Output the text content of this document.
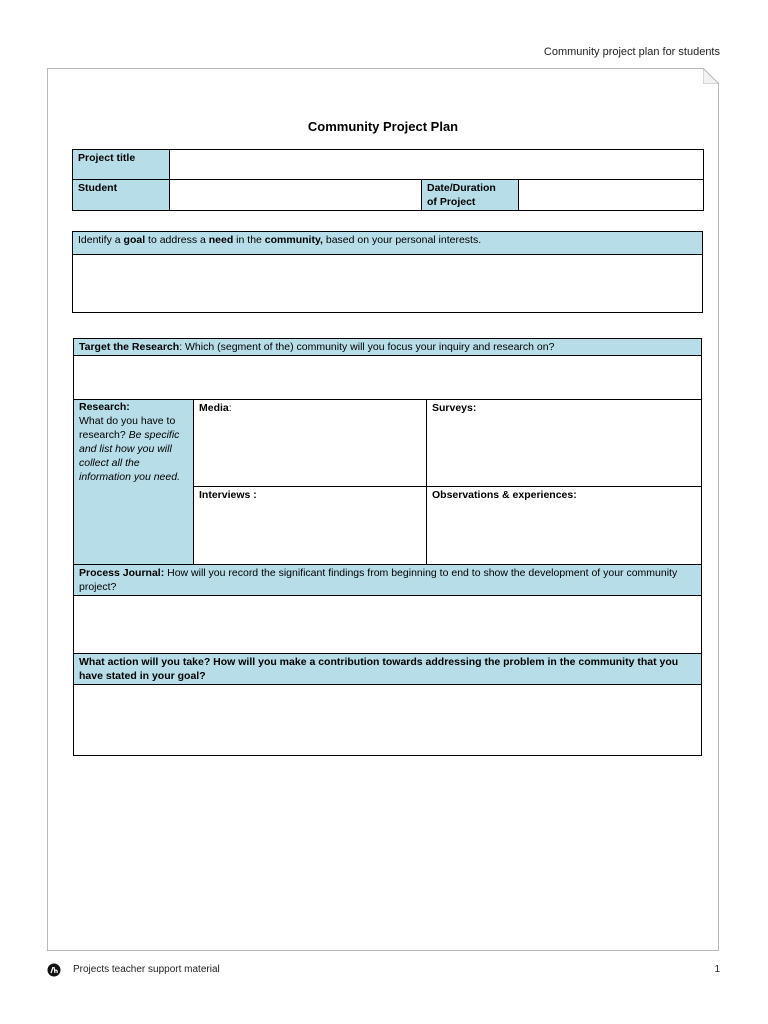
Community project plan for students
Community Project Plan
Project title			
Student		Date/Duration
of Project	
Identify a goal to address a need in the community, based on your personal interests.

Target the Research: Which (segment of the) community will you focus your inquiry and research on?		

Research:
What do you have to research? Be specific and list how you will collect all the information you need.	Media:	Surveys:
	Interviews :	Observations & experiences:
Process Journal: How will you record the significant findings from beginning to end to show the development of your community project?		

What action will you take? How will you make a contribution towards addressing the problem in the community that you have stated in your goal?		

Projects teacher support material	1
